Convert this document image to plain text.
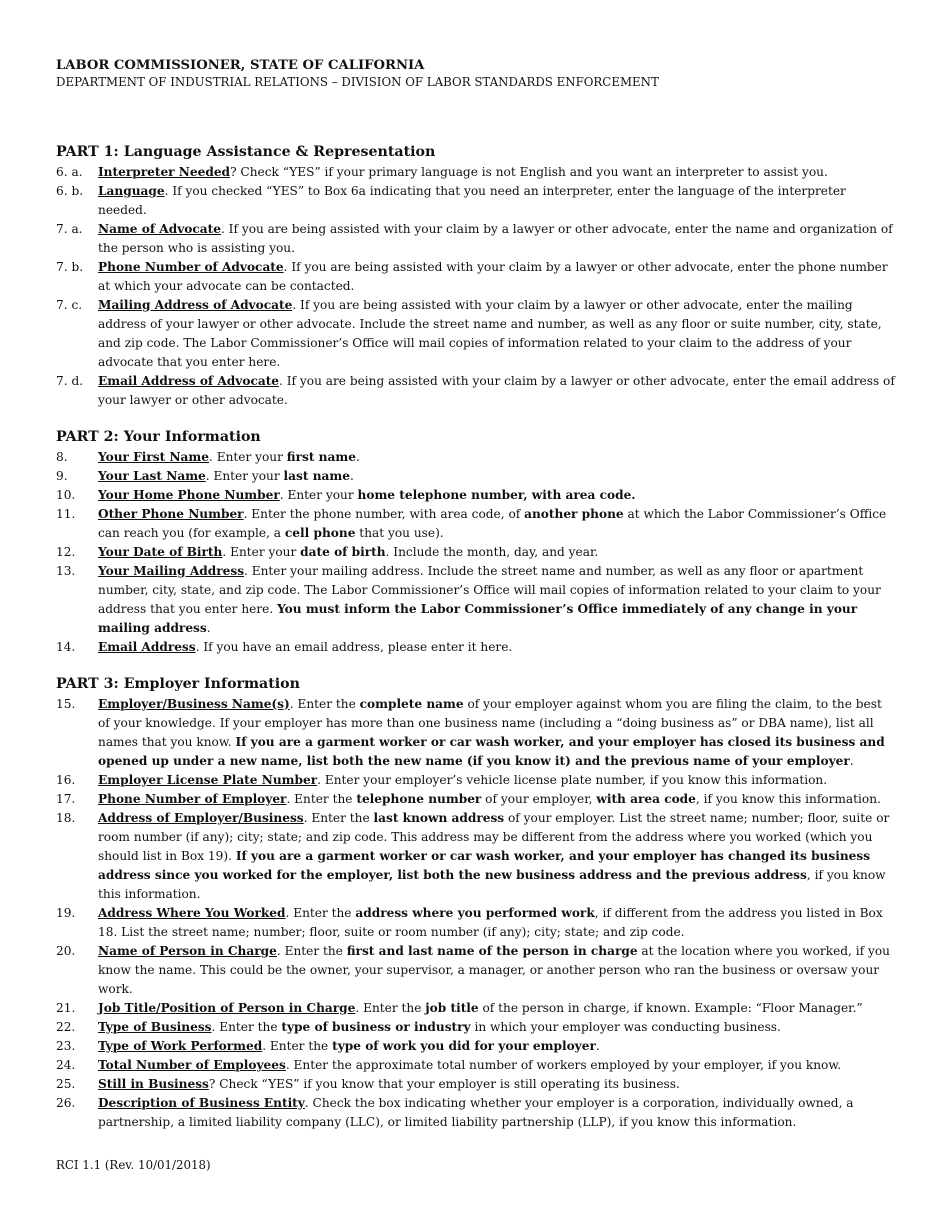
LABOR COMMISSIONER, STATE OF CALIFORNIA
DEPARTMENT OF INDUSTRIAL RELATIONS – DIVISION OF LABOR STANDARDS ENFORCEMENT
PART 1: Language Assistance & Representation
6. a.	Interpreter Needed? Check “YES” if your primary language is not English and you want an interpreter to assist you.
6. b.	Language. If you checked “YES” to Box 6a indicating that you need an interpreter, enter the language of the interpreter needed.
7. a.	Name of Advocate. If you are being assisted with your claim by a lawyer or other advocate, enter the name and organization of the person who is assisting you.
7. b.	Phone Number of Advocate. If you are being assisted with your claim by a lawyer or other advocate, enter the phone number at which your advocate can be contacted.
7. c.	Mailing Address of Advocate. If you are being assisted with your claim by a lawyer or other advocate, enter the mailing address of your lawyer or other advocate. Include the street name and number, as well as any floor or suite number, city, state, and zip code. The Labor Commissioner’s Office will mail copies of information related to your claim to the address of your advocate that you enter here.
7. d.	Email Address of Advocate. If you are being assisted with your claim by a lawyer or other advocate, enter the email address of your lawyer or other advocate.
PART 2: Your Information
8.	Your First Name. Enter your first name.
9.	Your Last Name. Enter your last name.
10.	Your Home Phone Number. Enter your home telephone number, with area code.
11.	Other Phone Number. Enter the phone number, with area code, of another phone at which the Labor Commissioner’s Office can reach you (for example, a cell phone that you use).
12.	Your Date of Birth. Enter your date of birth. Include the month, day, and year.
13.	Your Mailing Address. Enter your mailing address. Include the street name and number, as well as any floor or apartment number, city, state, and zip code. The Labor Commissioner’s Office will mail copies of information related to your claim to your address that you enter here. You must inform the Labor Commissioner’s Office immediately of any change in your mailing address.
14.	Email Address. If you have an email address, please enter it here.
PART 3: Employer Information
15.	Employer/Business Name(s). Enter the complete name of your employer against whom you are filing the claim, to the best of your knowledge. If your employer has more than one business name (including a “doing business as” or DBA name), list all names that you know. If you are a garment worker or car wash worker, and your employer has closed its business and opened up under a new name, list both the new name (if you know it) and the previous name of your employer.
16.	Employer License Plate Number. Enter your employer’s vehicle license plate number, if you know this information.
17.	Phone Number of Employer. Enter the telephone number of your employer, with area code, if you know this information.
18.	Address of Employer/Business. Enter the last known address of your employer. List the street name; number; floor, suite or room number (if any); city; state; and zip code. This address may be different from the address where you worked (which you should list in Box 19). If you are a garment worker or car wash worker, and your employer has changed its business address since you worked for the employer, list both the new business address and the previous address, if you know this information.
19.	Address Where You Worked. Enter the address where you performed work, if different from the address you listed in Box 18. List the street name; number; floor, suite or room number (if any); city; state; and zip code.
20.	Name of Person in Charge. Enter the first and last name of the person in charge at the location where you worked, if you know the name. This could be the owner, your supervisor, a manager, or another person who ran the business or oversaw your work.
21.	Job Title/Position of Person in Charge. Enter the job title of the person in charge, if known. Example: “Floor Manager.”
22.	Type of Business. Enter the type of business or industry in which your employer was conducting business.
23.	Type of Work Performed. Enter the type of work you did for your employer.
24.	Total Number of Employees. Enter the approximate total number of workers employed by your employer, if you know.
25.	Still in Business? Check “YES” if you know that your employer is still operating its business.
26.	Description of Business Entity. Check the box indicating whether your employer is a corporation, individually owned, a partnership, a limited liability company (LLC), or limited liability partnership (LLP), if you know this information.
RCI 1.1 (Rev. 10/01/2018)
